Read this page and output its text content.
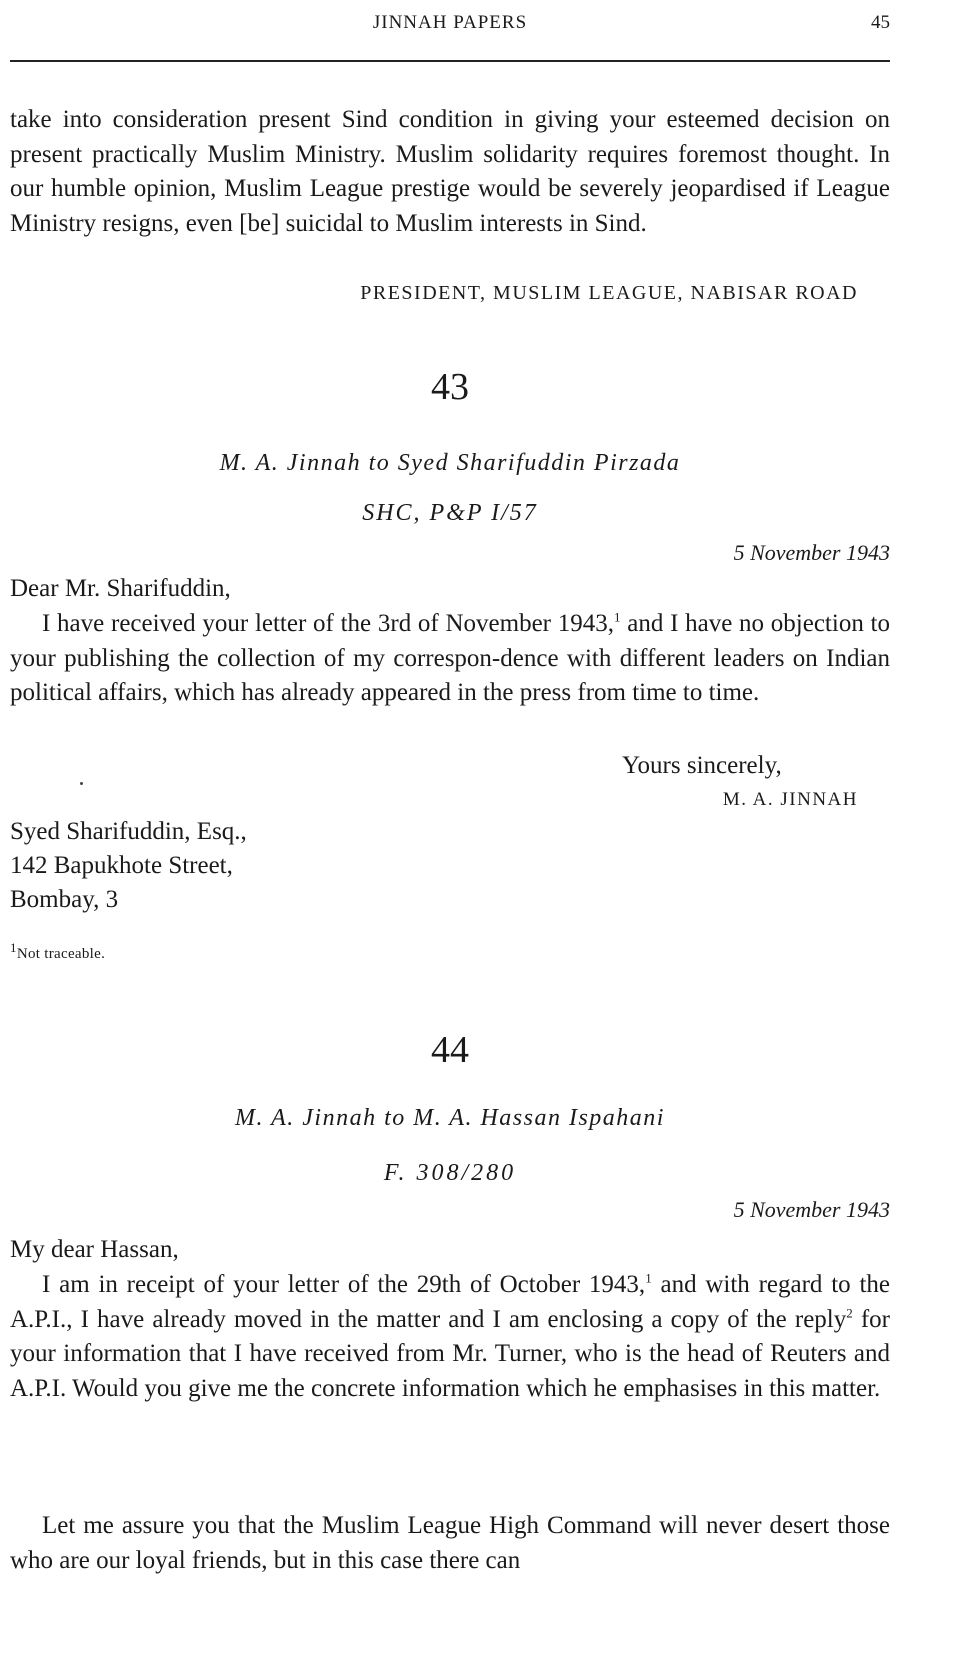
JINNAH PAPERS	45

take into consideration present Sind condition in giving your esteemed decision on present practically Muslim Ministry. Muslim solidarity requires foremost thought. In our humble opinion, Muslim League prestige would be severely jeopardised if League Ministry resigns, even [be] suicidal to Muslim interests in Sind.

PRESIDENT, MUSLIM LEAGUE, NABISAR ROAD
43
M. A. Jinnah to Syed Sharifuddin Pirzada
SHC, P&P I/57
5 November 1943
Dear Mr. Sharifuddin,

I have received your letter of the 3rd of November 1943,$^1$ and I have no objection to your publishing the collection of my correspon-dence with different leaders on Indian political affairs, which has already appeared in the press from time to time.

Yours sincerely,
M. A. JINNAH
Syed Sharifuddin, Esq.,
142 Bapukhote Street,
Bombay, 3
$^1$Not traceable.
44
M. A. Jinnah to M. A. Hassan Ispahani
F. 308/280
5 November 1943
My dear Hassan,

I am in receipt of your letter of the 29th of October 1943,$^1$ and with regard to the A.P.I., I have already moved in the matter and I am enclosing a copy of the reply$^2$ for your information that I have received from Mr. Turner, who is the head of Reuters and A.P.I. Would you give me the concrete information which he emphasises in this matter.

Let me assure you that the Muslim League High Command will never desert those who are our loyal friends, but in this case there can
